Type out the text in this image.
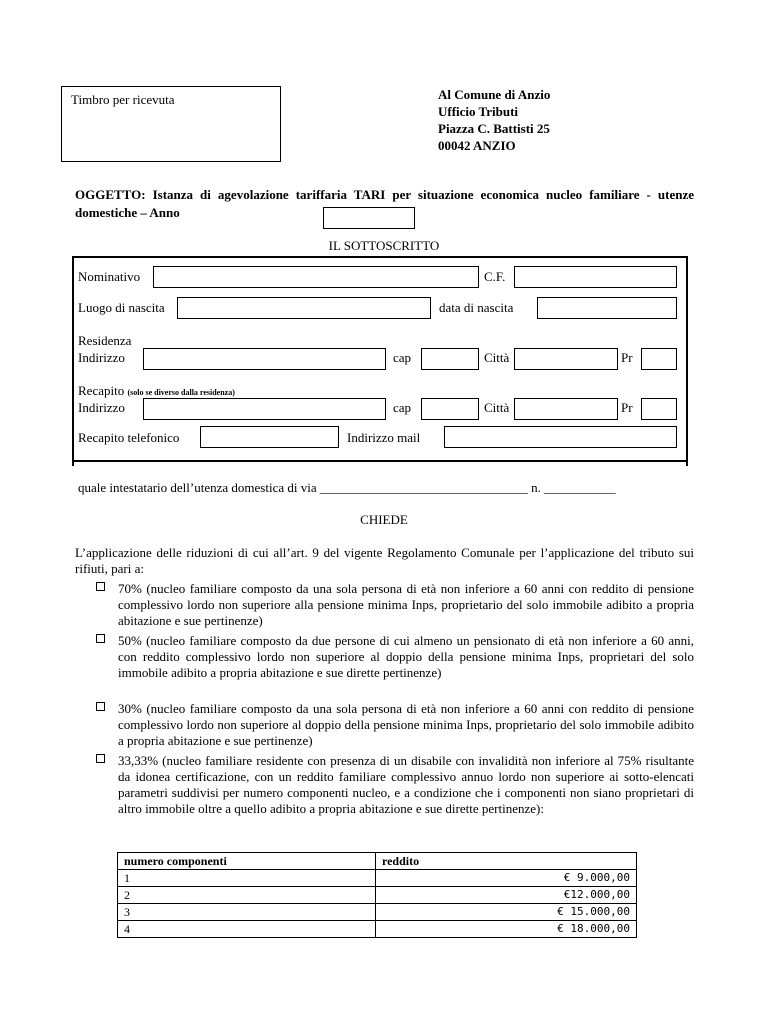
Timbro per ricevuta	Al Comune di Anzio
Ufficio Tributi
Piazza C. Battisti 25
00042 ANZIO
OGGETTO: Istanza di agevolazione tariffaria TARI per situazione economica nucleo familiare - utenze domestiche – Anno
IL SOTTOSCRITTO
Nominativo	C.F.
Luogo di nascita	data di nascita
Residenza
Indirizzo	cap	Città	Pr
Recapito (solo se diverso dalla residenza)
Indirizzo	cap	Città	Pr
Recapito telefonico	Indirizzo mail
quale intestatario dell’utenza domestica di via ________________________________ n. ___________
CHIEDE
L’applicazione delle riduzioni di cui all’art. 9 del vigente Regolamento Comunale per l’applicazione del tributo sui rifiuti, pari a:
70% (nucleo familiare composto da una sola persona di età non inferiore a 60 anni con reddito di pensione complessivo lordo non superiore alla pensione minima Inps, proprietario del solo immobile adibito a propria abitazione e sue pertinenze)
50% (nucleo familiare composto da due persone di cui almeno un pensionato di età non inferiore a 60 anni, con reddito complessivo lordo non superiore al doppio della pensione minima Inps, proprietari del solo immobile adibito a propria abitazione e sue dirette pertinenze)
30% (nucleo familiare composto da una sola persona di età non inferiore a 60 anni con reddito di pensione complessivo lordo non superiore al doppio della pensione minima Inps, proprietario del solo immobile adibito a propria abitazione e sue pertinenze)
33,33% (nucleo familiare residente con presenza di un disabile con invalidità non inferiore al 75% risultante da idonea certificazione, con un reddito familiare complessivo annuo lordo non superiore ai sotto-elencati parametri suddivisi per numero componenti nucleo, e a condizione che i componenti non siano proprietari di altro immobile oltre a quello adibito a propria abitazione e sue dirette pertinenze):
numero componenti	reddito
1	€ 9.000,00
2	€12.000,00
3	€ 15.000,00
4	€ 18.000,00
